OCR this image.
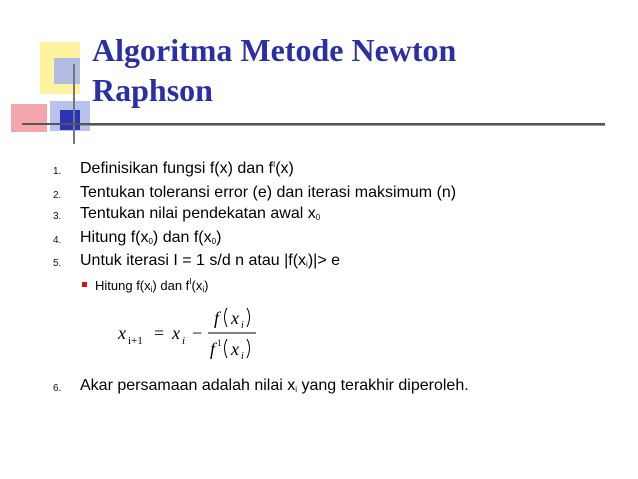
Algoritma Metode Newton
Raphson
1.	Definisikan fungsi f(x) dan $f^I(x)$
2.	Tentukan toleransi error (e) dan iterasi maksimum (n)
3.	Tentukan nilai pendekatan awal $x_0$
4.	Hitung $f(x_0)$ dan $f(x_0)$
5.	Untuk iterasi I = 1 s/d n atau $|f(x_i)|> e$
6.	Akar persamaan adalah nilai $x_i$ yang terakhir diperoleh.
Hitung $f(x_i)$ dan $f^I(x_i)$
x i+1 = x i −
f x i
f 1 x i
